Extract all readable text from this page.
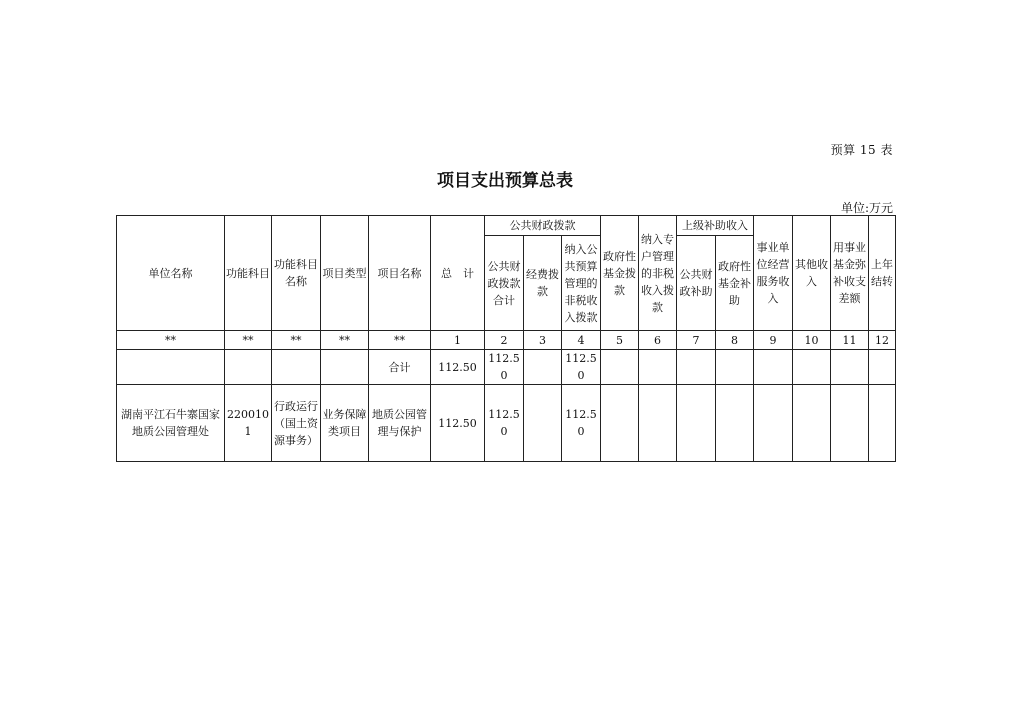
预算 15 表
项目支出预算总表
单位:万元
单位名称	功能科目	功能科目名称	项目类型	项目名称	总　计	公共财政拨款			政府性基金拨款	纳入专户管理的非税收入拨款	上级补助收入		事业单位经营服务收入	其他收入	用事业基金弥补收支差额	上年结转
						公共财政拨款合计	经费拨款	纳入公共预算管理的非税收入拨款			公共财政补助	政府性基金补助				
**	**	**	**	**	1	2	3	4	5	6	7	8	9	10	11	12
				合计	112.50	112.50		112.50								
湖南平江石牛寨国家地质公园管理处	2200101	行政运行（国土资源事务）	业务保障类项目	地质公园管理与保护	112.50	112.50		112.50								
